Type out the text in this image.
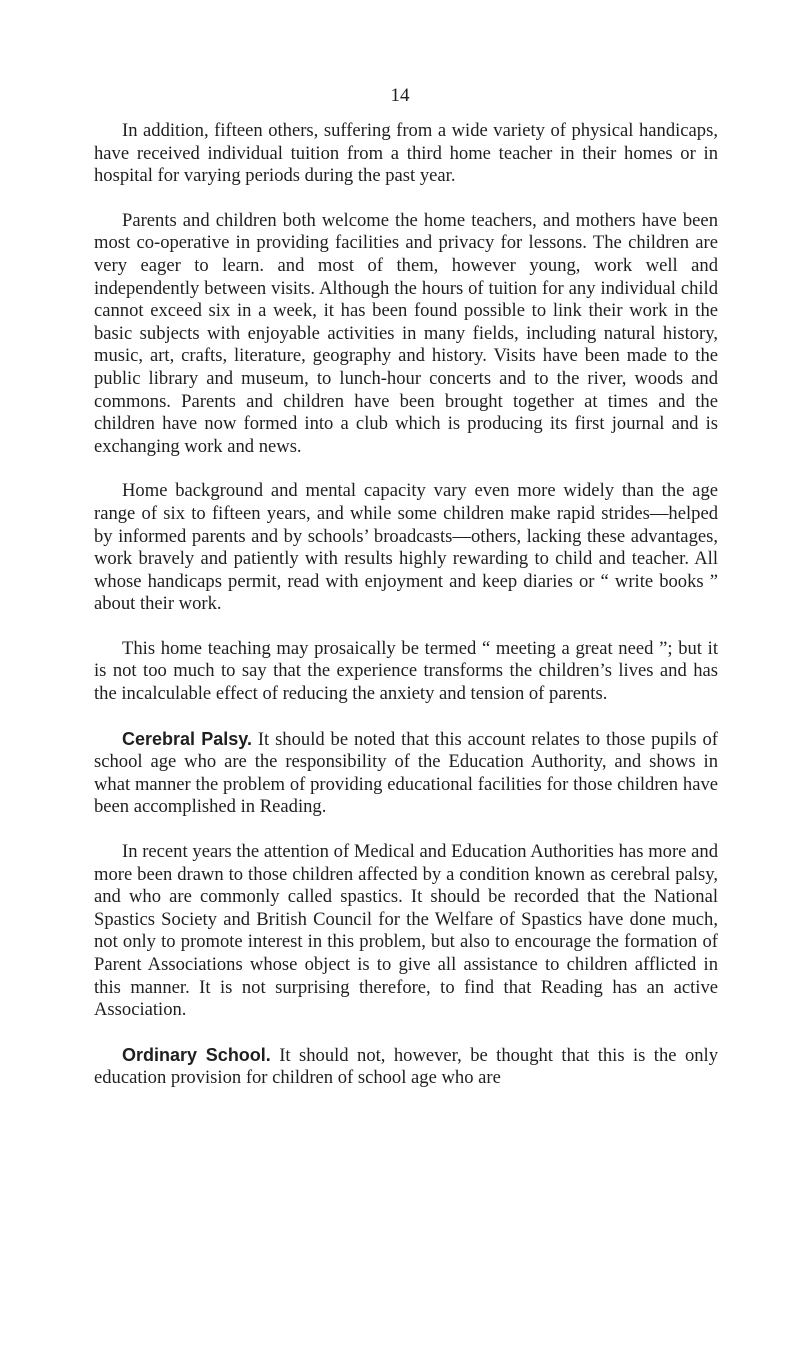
14

In addition, fifteen others, suffering from a wide variety of physical handicaps, have received individual tuition from a third home teacher in their homes or in hospital for varying periods during the past year.

Parents and children both welcome the home teachers, and mothers have been most co-operative in providing facilities and privacy for lessons. The children are very eager to learn. and most of them, however young, work well and independently between visits. Although the hours of tuition for any individual child cannot exceed six in a week, it has been found possible to link their work in the basic subjects with enjoyable activities in many fields, including natural history, music, art, crafts, literature, geography and history. Visits have been made to the public library and museum, to lunch-hour concerts and to the river, woods and commons. Parents and children have been brought together at times and the children have now formed into a club which is producing its first journal and is exchanging work and news.

Home background and mental capacity vary even more widely than the age range of six to fifteen years, and while some children make rapid strides—helped by informed parents and by schools’ broadcasts—others, lacking these advantages, work bravely and patiently with results highly rewarding to child and teacher. All whose handicaps permit, read with enjoyment and keep diaries or “ write books ” about their work.

This home teaching may prosaically be termed “ meeting a great need ”; but it is not too much to say that the experience transforms the children’s lives and has the incalculable effect of reducing the anxiety and tension of parents.

Cerebral Palsy. It should be noted that this account relates to those pupils of school age who are the responsibility of the Education Authority, and shows in what manner the problem of providing educational facilities for those children have been accomplished in Reading.

In recent years the attention of Medical and Education Authorities has more and more been drawn to those children affected by a condition known as cerebral palsy, and who are commonly called spastics. It should be recorded that the National Spastics Society and British Council for the Welfare of Spastics have done much, not only to promote interest in this problem, but also to encourage the formation of Parent Associations whose object is to give all assistance to children afflicted in this manner. It is not surprising therefore, to find that Reading has an active Association.

Ordinary School. It should not, however, be thought that this is the only education provision for children of school age who are
